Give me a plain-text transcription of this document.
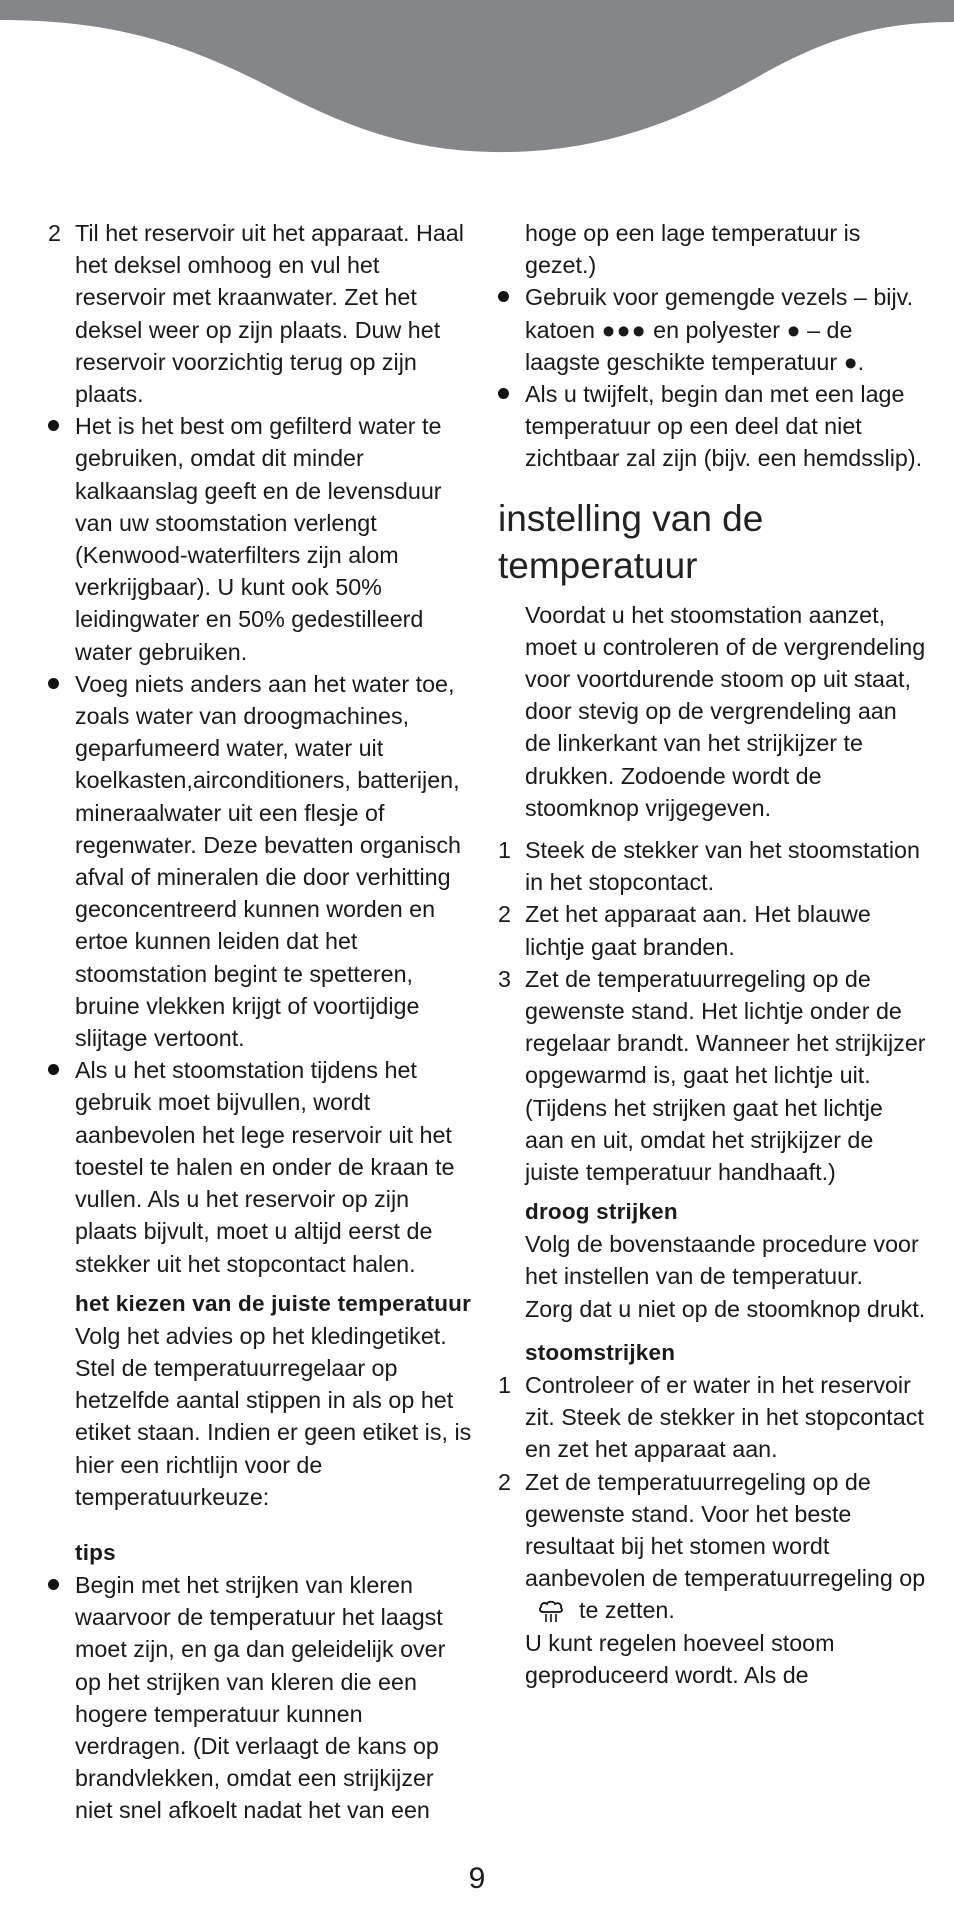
2 Til het reservoir uit het apparaat. Haal het deksel omhoog en vul het reservoir met kraanwater. Zet het deksel weer op zijn plaats. Duw het reservoir voorzichtig terug op zijn plaats.
Het is het best om gefilterd water te gebruiken, omdat dit minder kalkaanslag geeft en de levensduur van uw stoomstation verlengt (Kenwood-waterfilters zijn alom verkrijgbaar). U kunt ook 50% leidingwater en 50% gedestilleerd water gebruiken.
Voeg niets anders aan het water toe, zoals water van droogmachines, geparfumeerd water, water uit koelkasten,airconditioners, batterijen, mineraalwater uit een flesje of regenwater. Deze bevatten organisch afval of mineralen die door verhitting geconcentreerd kunnen worden en ertoe kunnen leiden dat het stoomstation begint te spetteren, bruine vlekken krijgt of voortijdige slijtage vertoont.
Als u het stoomstation tijdens het gebruik moet bijvullen, wordt aanbevolen het lege reservoir uit het toestel te halen en onder de kraan te vullen. Als u het reservoir op zijn plaats bijvult, moet u altijd eerst de stekker uit het stopcontact halen.
het kiezen van de juiste temperatuur
Volg het advies op het kledingetiket. Stel de temperatuurregelaar op hetzelfde aantal stippen in als op het etiket staan. Indien er geen etiket is, is hier een richtlijn voor de temperatuurkeuze:
tips
Begin met het strijken van kleren waarvoor de temperatuur het laagst moet zijn, en ga dan geleidelijk over op het strijken van kleren die een hogere temperatuur kunnen verdragen. (Dit verlaagt de kans op brandvlekken, omdat een strijkijzer niet snel afkoelt nadat het van een
hoge op een lage temperatuur is gezet.)
Gebruik voor gemengde vezels – bijv. katoen ●●● en polyester ● – de laagste geschikte temperatuur ●.
Als u twijfelt, begin dan met een lage temperatuur op een deel dat niet zichtbaar zal zijn (bijv. een hemdsslip).
instelling van de temperatuur
Voordat u het stoomstation aanzet, moet u controleren of de vergrendeling voor voortdurende stoom op uit staat, door stevig op de vergrendeling aan de linkerkant van het strijkijzer te drukken. Zodoende wordt de stoomknop vrijgegeven.
1 Steek de stekker van het stoomstation in het stopcontact.
2 Zet het apparaat aan. Het blauwe lichtje gaat branden.
3 Zet de temperatuurregeling op de gewenste stand. Het lichtje onder de regelaar brandt. Wanneer het strijkijzer opgewarmd is, gaat het lichtje uit. (Tijdens het strijken gaat het lichtje aan en uit, omdat het strijkijzer de juiste temperatuur handhaaft.)
droog strijken
Volg de bovenstaande procedure voor het instellen van de temperatuur.
Zorg dat u niet op de stoomknop drukt.
stoomstrijken
1 Controleer of er water in het reservoir zit. Steek de stekker in het stopcontact en zet het apparaat aan.
2 Zet de temperatuurregeling op de gewenste stand. Voor het beste resultaat bij het stomen wordt aanbevolen de temperatuurregeling opte zetten.
U kunt regelen hoeveel stoom geproduceerd wordt. Als de
9
